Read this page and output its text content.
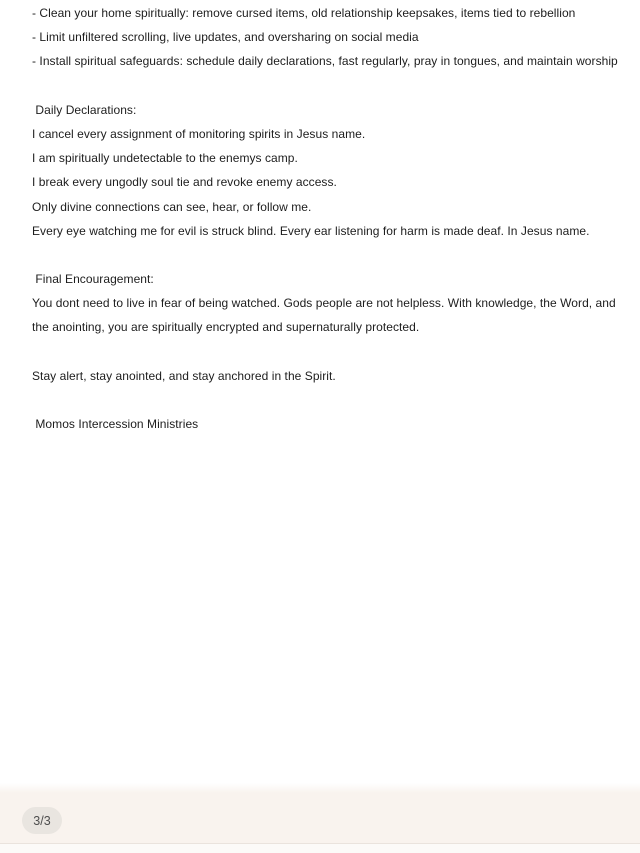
- Clean your home spiritually: remove cursed items, old relationship keepsakes, items tied to rebellion
- Limit unfiltered scrolling, live updates, and oversharing on social media
- Install spiritual safeguards: schedule daily declarations, fast regularly, pray in tongues, and maintain worship
Daily Declarations:
I cancel every assignment of monitoring spirits in Jesus name.
I am spiritually undetectable to the enemys camp.
I break every ungodly soul tie and revoke enemy access.
Only divine connections can see, hear, or follow me.
Every eye watching me for evil is struck blind. Every ear listening for harm is made deaf. In Jesus name.
Final Encouragement:
You dont need to live in fear of being watched. Gods people are not helpless. With knowledge, the Word, and
the anointing, you are spiritually encrypted and supernaturally protected.
Stay alert, stay anointed, and stay anchored in the Spirit.
Momos Intercession Ministries
3/3
